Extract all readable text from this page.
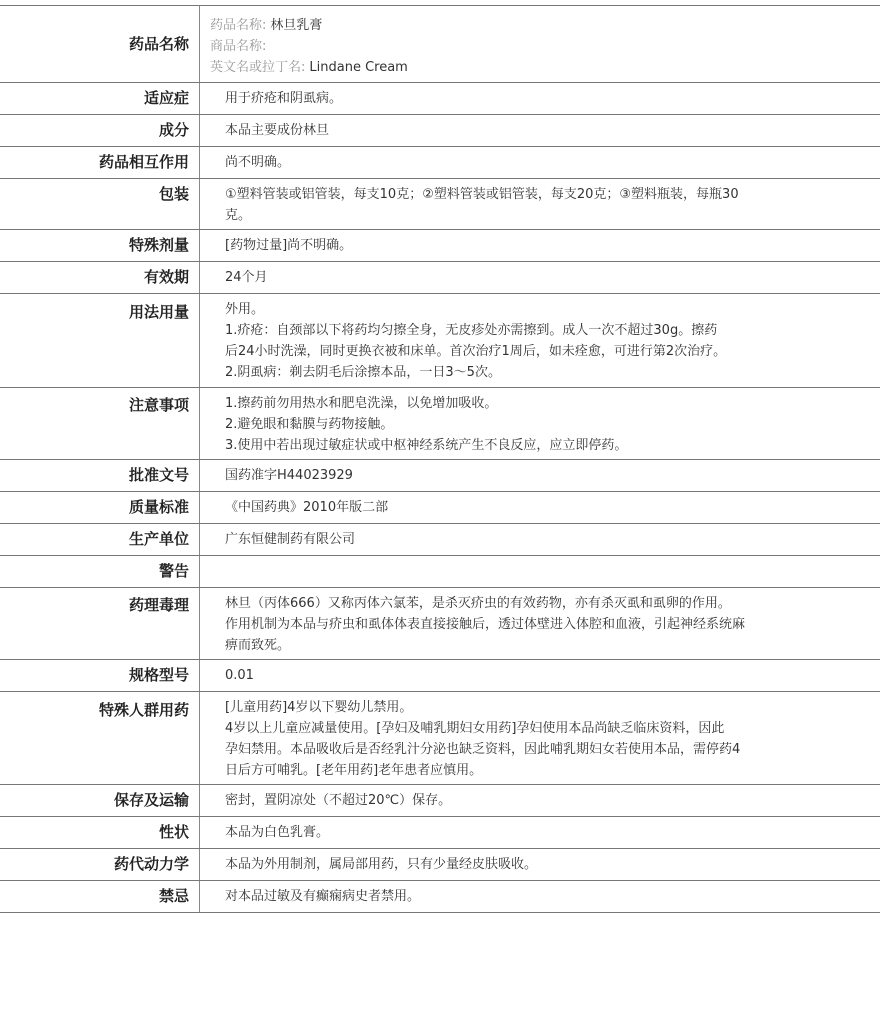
药品名称
药品名称: 林旦乳膏
商品名称:
英文名或拉丁名: Lindane Cream
适应症	用于疥疮和阴虱病。
成分	本品主要成份林旦
药品相互作用	尚不明确。
包装	①塑料管装或铝管装，每支10克；②塑料管装或铝管装，每支20克；③塑料瓶装，每瓶30
克。
特殊剂量	[药物过量]尚不明确。
有效期	24个月
用法用量	外用。
1.疥疮：自颈部以下将药均匀擦全身，无皮疹处亦需擦到。成人一次不超过30g。擦药
后24小时洗澡，同时更换衣被和床单。首次治疗1周后，如未痊愈，可进行第2次治疗。
2.阴虱病：剃去阴毛后涂擦本品，一日3～5次。
注意事项	1.擦药前勿用热水和肥皂洗澡，以免增加吸收。
2.避免眼和黏膜与药物接触。
3.使用中若出现过敏症状或中枢神经系统产生不良反应，应立即停药。
批准文号	国药准字H44023929
质量标准	《中国药典》2010年版二部
生产单位	广东恒健制药有限公司
警告
药理毒理	林旦（丙体666）又称丙体六氯苯，是杀灭疥虫的有效药物，亦有杀灭虱和虱卵的作用。
作用机制为本品与疥虫和虱体体表直接接触后，透过体壁进入体腔和血液，引起神经系统麻
痹而致死。
规格型号	0.01
特殊人群用药	[儿童用药]4岁以下婴幼儿禁用。
4岁以上儿童应减量使用。[孕妇及哺乳期妇女用药]孕妇使用本品尚缺乏临床资料，因此
孕妇禁用。本品吸收后是否经乳汁分泌也缺乏资料，因此哺乳期妇女若使用本品，需停药4
日后方可哺乳。[老年用药]老年患者应慎用。
保存及运输	密封，置阴凉处（不超过20℃）保存。
性状	本品为白色乳膏。
药代动力学	本品为外用制剂，属局部用药，只有少量经皮肤吸收。
禁忌	对本品过敏及有癫痫病史者禁用。
